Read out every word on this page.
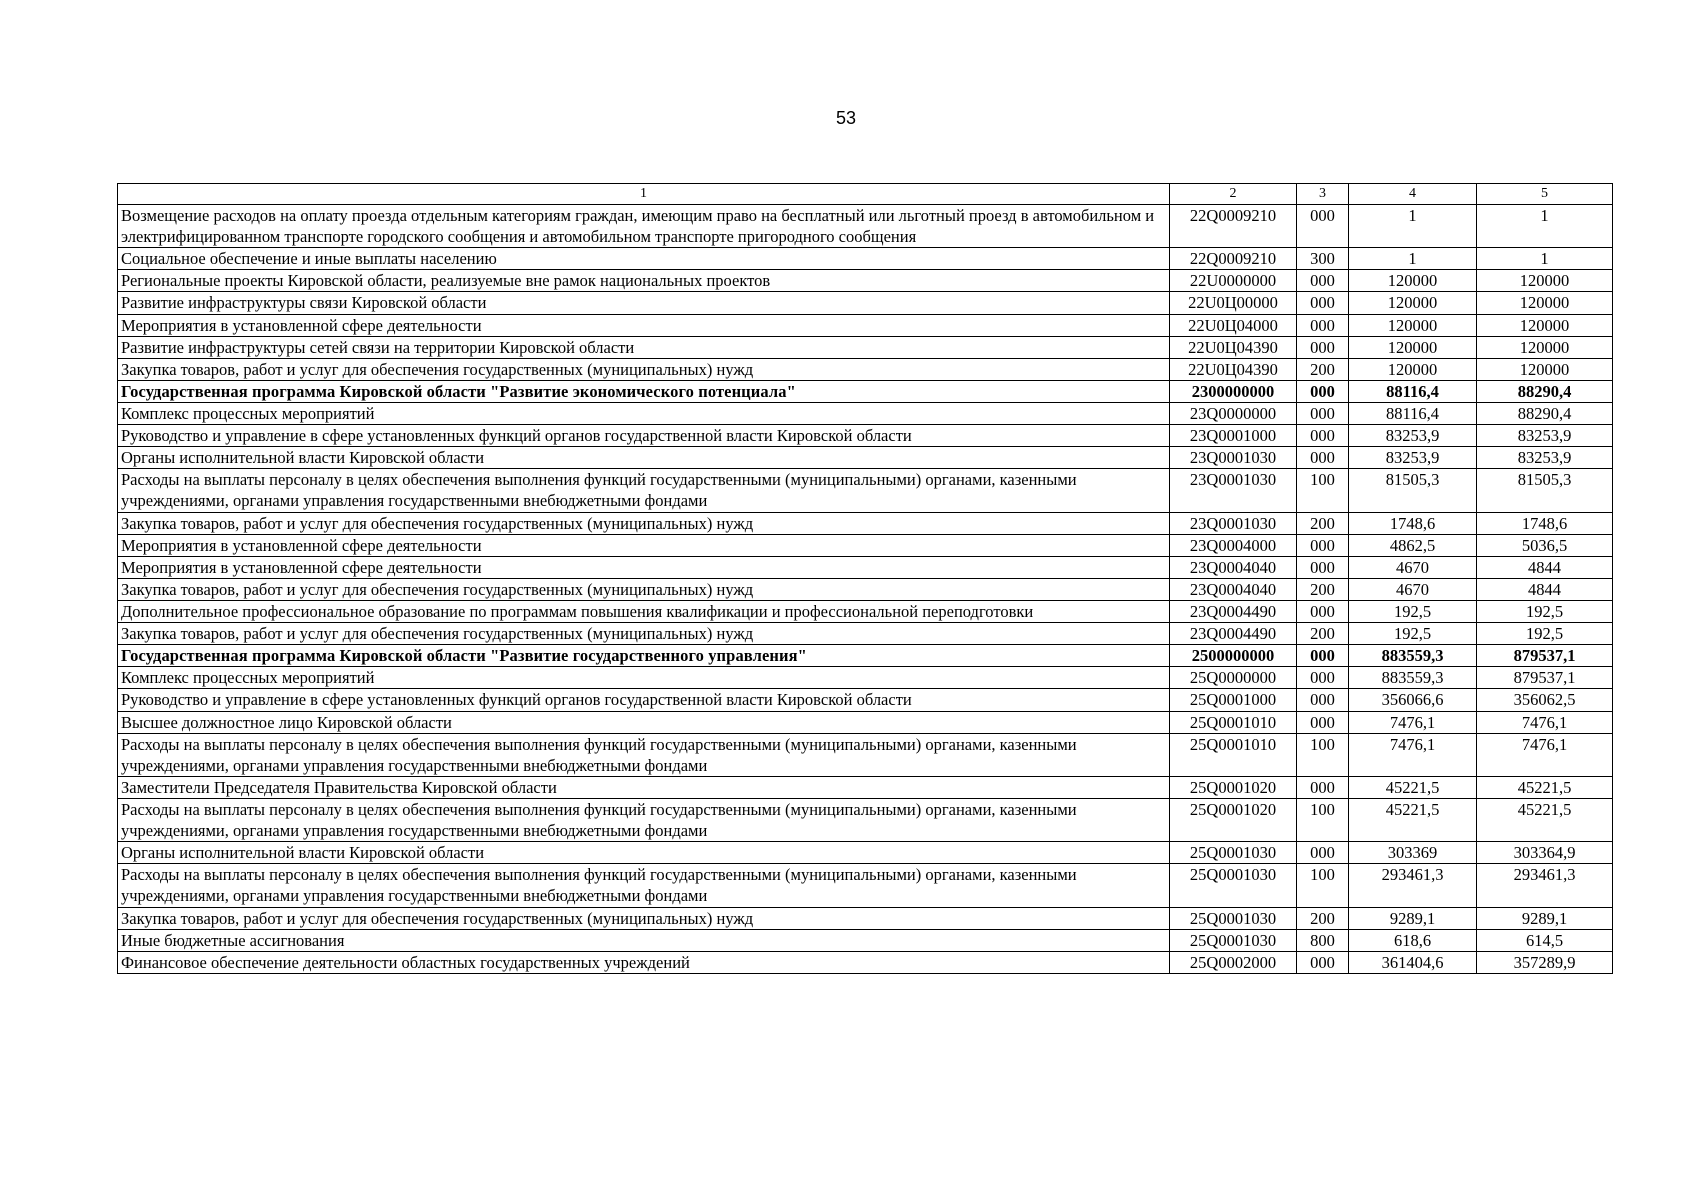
53
1	2	3	4	5
Возмещение расходов на оплату проезда отдельным категориям граждан, имеющим право на бесплатный или льготный проезд в автомобильном и электрифицированном транспорте городского сообщения и автомобильном транспорте пригородного сообщения	22Q0009210	000	1	1
Социальное обеспечение и иные выплаты населению	22Q0009210	300	1	1
Региональные проекты Кировской области, реализуемые вне рамок национальных проектов	22U0000000	000	120000	120000
Развитие инфраструктуры связи Кировской области	22U0Ц00000	000	120000	120000
Мероприятия в установленной сфере деятельности	22U0Ц04000	000	120000	120000
Развитие инфраструктуры сетей связи на территории Кировской области	22U0Ц04390	000	120000	120000
Закупка товаров, работ и услуг для обеспечения государственных (муниципальных) нужд	22U0Ц04390	200	120000	120000
Государственная программа Кировской области "Развитие экономического потенциала"	2300000000	000	88116,4	88290,4
Комплекс процессных мероприятий	23Q0000000	000	88116,4	88290,4
Руководство и управление в сфере установленных функций органов государственной власти Кировской области	23Q0001000	000	83253,9	83253,9
Органы исполнительной власти Кировской области	23Q0001030	000	83253,9	83253,9
Расходы на выплаты персоналу в целях обеспечения выполнения функций государственными (муниципальными) органами, казенными учреждениями, органами управления государственными внебюджетными фондами	23Q0001030	100	81505,3	81505,3
Закупка товаров, работ и услуг для обеспечения государственных (муниципальных) нужд	23Q0001030	200	1748,6	1748,6
Мероприятия в установленной сфере деятельности	23Q0004000	000	4862,5	5036,5
Мероприятия в установленной сфере деятельности	23Q0004040	000	4670	4844
Закупка товаров, работ и услуг для обеспечения государственных (муниципальных) нужд	23Q0004040	200	4670	4844
Дополнительное профессиональное образование по программам повышения квалификации и профессиональной переподготовки	23Q0004490	000	192,5	192,5
Закупка товаров, работ и услуг для обеспечения государственных (муниципальных) нужд	23Q0004490	200	192,5	192,5
Государственная программа Кировской области "Развитие государственного управления"	2500000000	000	883559,3	879537,1
Комплекс процессных мероприятий	25Q0000000	000	883559,3	879537,1
Руководство и управление в сфере установленных функций органов государственной власти Кировской области	25Q0001000	000	356066,6	356062,5
Высшее должностное лицо Кировской области	25Q0001010	000	7476,1	7476,1
Расходы на выплаты персоналу в целях обеспечения выполнения функций государственными (муниципальными) органами, казенными учреждениями, органами управления государственными внебюджетными фондами	25Q0001010	100	7476,1	7476,1
Заместители Председателя Правительства Кировской области	25Q0001020	000	45221,5	45221,5
Расходы на выплаты персоналу в целях обеспечения выполнения функций государственными (муниципальными) органами, казенными учреждениями, органами управления государственными внебюджетными фондами	25Q0001020	100	45221,5	45221,5
Органы исполнительной власти Кировской области	25Q0001030	000	303369	303364,9
Расходы на выплаты персоналу в целях обеспечения выполнения функций государственными (муниципальными) органами, казенными учреждениями, органами управления государственными внебюджетными фондами	25Q0001030	100	293461,3	293461,3
Закупка товаров, работ и услуг для обеспечения государственных (муниципальных) нужд	25Q0001030	200	9289,1	9289,1
Иные бюджетные ассигнования	25Q0001030	800	618,6	614,5
Финансовое обеспечение деятельности областных государственных учреждений	25Q0002000	000	361404,6	357289,9
